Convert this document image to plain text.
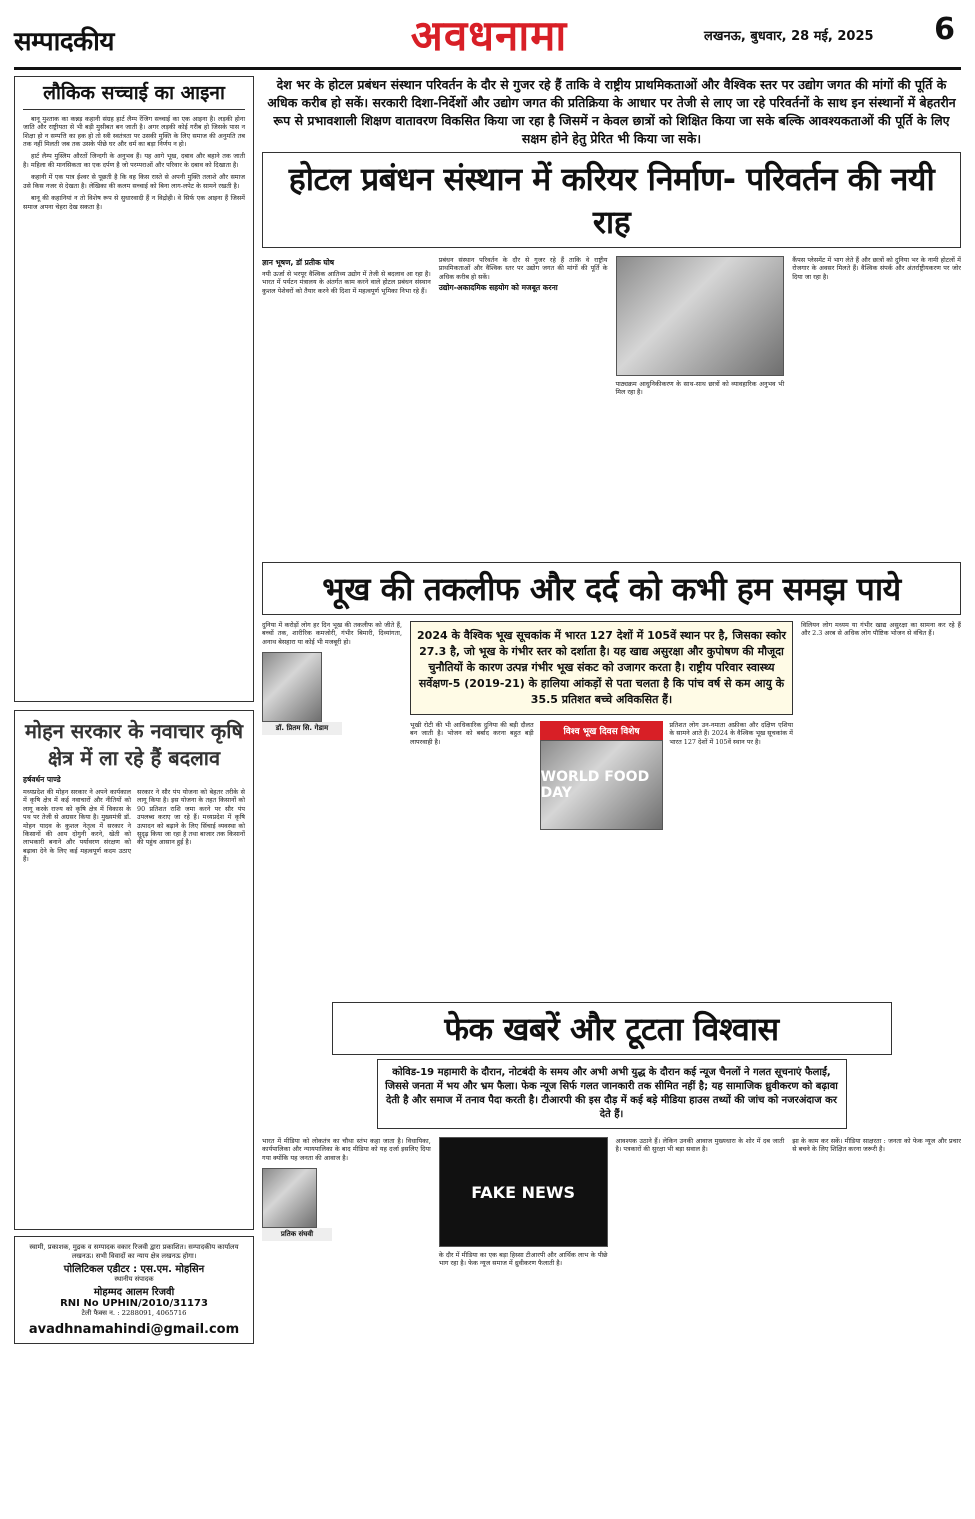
सम्पादकीय	अवधनामा	लखनऊ, बुधवार, 28 मई, 2025 6
लौकिक सच्चाई का आइना

बानू मुश्ताक का कन्नड़ कहानी संग्रह हार्ट लैम्प रेंजिग सच्चाई का एक आइना है। लड़की होना जाति और राष्ट्रीयता से भी बड़ी मुसीबत बन जाती है। अगर लड़की कोई गरीब हो जिसके पास न शिक्षा हो न सम्पत्ति का हक हो तो स्त्री स्वतंत्रता पर उसकी मुक्ति के लिए समाज की अनुमति तब तक नहीं मिलती जब तक उसके पीछे घर और धर्म का बड़ा निर्णय न हो।

हार्ट लैम्प मुस्लिम औरतों जिन्दगी के अनुभव हैं। यह आगे भूख, दबाव और बहाने तक जाती है। महिला की मानसिकता का एक दर्पण है जो परम्पराओं और परिवार के दबाव को दिखाता है।

कहानी में एक पात्र ईश्वर से पूछती है कि वह किस रास्ते से अपनी मुक्ति तलाशे और समाज उसे किस नजर से देखता है। लेखिका की कलम सच्चाई को बिना लाग-लपेट के सामने रखती है।

बानू की कहानियां न तो विशेष रूप से सुधारवादी हैं न विद्रोही। वे सिर्फ एक आइना हैं जिसमें समाज अपना चेहरा देख सकता है।

मोहन सरकार के नवाचार कृषि क्षेत्र में ला रहे हैं बदलाव
हर्षवर्धन पाण्डे
मध्यप्रदेश की मोहन सरकार ने अपने कार्यकाल में कृषि क्षेत्र में कई नवाचारों और नीतियों को लागू करके राज्य को कृषि क्षेत्र में विकास के पथ पर तेजी से अग्रसर किया है। मुख्यमंत्री डॉ. मोहन यादव के कुशल नेतृत्व में सरकार ने किसानों की आय दोगुनी करने, खेती को लाभकारी बनाने और पर्यावरण संरक्षण को बढ़ावा देने के लिए कई महत्वपूर्ण कदम उठाए हैं।
सरकार ने सौर पंप योजना को बेहतर तरीके से लागू किया है। इस योजना के तहत किसानों को 90 प्रतिशत राशि जमा करने पर सौर पंप उपलब्ध कराए जा रहे हैं। मध्यप्रदेश में कृषि उत्पादन को बढ़ाने के लिए सिंचाई व्यवस्था को सुदृढ़ किया जा रहा है तथा बाजार तक किसानों की पहुंच आसान हुई है।
स्वामी, प्रकाशक, मुद्रक व सम्पादक वकार रिजवी द्वारा प्रकाशित। सम्पादकीय कार्यालय लखनऊ। सभी विवादों का न्याय क्षेत्र लखनऊ होगा।
पोलिटिकल एडीटर : एस.एम. मोहसिन
स्थानीय संपादक
मोहम्मद आलम रिजवी
RNI No UPHIN/2010/31173
टेली फैक्स न. : 2288091, 4065716
avadhnamahindi@gmail.com
देश भर के होटल प्रबंधन संस्थान परिवर्तन के दौर से गुजर रहे हैं ताकि वे राष्ट्रीय प्राथमिकताओं और वैश्विक स्तर पर उद्योग जगत की मांगों की पूर्ति के अधिक करीब हो सकें। सरकारी दिशा-निर्देशों और उद्योग जगत की प्रतिक्रिया के आधार पर तेजी से लाए जा रहे परिवर्तनों के साथ इन संस्थानों में बेहतरीन रूप से प्रभावशाली शिक्षण वातावरण विकसित किया जा रहा है जिसमें न केवल छात्रों को शिक्षित किया जा सके बल्कि आवश्यकताओं की पूर्ति के लिए सक्षम होने हेतु प्रेरित भी किया जा सके।
होटल प्रबंधन संस्थान में करियर निर्माण- परिवर्तन की नयी राह
ज्ञान भूषण, डॉ प्रतीक घोष
नयी ऊर्जा से भरपूर वैश्विक आतिथ्य उद्योग में तेजी से बदलाव आ रहा है। भारत में पर्यटन मंत्रालय के अंतर्गत काम करने वाले होटल प्रबंधन संस्थान कुशल पेशेवरों को तैयार करने की दिशा में महत्वपूर्ण भूमिका निभा रहे हैं।
प्रबंधन संस्थान परिवर्तन के दौर से गुजर रहे हैं ताकि वे राष्ट्रीय प्राथमिकताओं और वैश्विक स्तर पर उद्योग जगत की मांगों की पूर्ति के अधिक करीब हो सकें।
उद्योग-अकादमिक सहयोग को मजबूत करना
पाठ्यक्रम आधुनिकीकरण के साथ-साथ छात्रों को व्यावहारिक अनुभव भी मिल रहा है।
कैंपस प्लेसमेंट में भाग लेते हैं और छात्रों को दुनिया भर के नामी होटलों में रोजगार के अवसर मिलते हैं। वैश्विक संपर्क और अंतर्राष्ट्रीयकरण पर जोर दिया जा रहा है।
भूख की तकलीफ और दर्द को कभी हम समझ पाये
दुनिया में करोड़ों लोग हर दिन भूख की तकलीफ को जीते हैं, बच्चों तक, शारीरिक कमजोरी, गंभीर बिमारी, दिव्यांगता, अनाथ बेसहारा या कोई भी मजबूरी हो।
डॉ. प्रितम सि. गेडाम
2024 के वैश्विक भूख सूचकांक में भारत 127 देशों में 105वें स्थान पर है, जिसका स्कोर 27.3 है, जो भूख के गंभीर स्तर को दर्शाता है। यह खाद्य असुरक्षा और कुपोषण की मौजूदा चुनौतियों के कारण उत्पन्न गंभीर भूख संकट को उजागर करता है। राष्ट्रीय परिवार स्वास्थ्य सर्वेक्षण-5 (2019-21) के हालिया आंकड़ों से पता चलता है कि पांच वर्ष से कम आयु के 35.5 प्रतिशत बच्चे अविकसित हैं।
भूखी रोटी की भी आधिकारिक दुनिया की बड़ी दौलत बन जाती है। भोजन को बर्बाद करना बहुत बड़ी लापरवाही है।
विश्व भूख दिवस विशेष
WORLD FOOD DAY
प्रतिशत लोग उन-नमाता अफ्रीका और दक्षिण एशिया के सामने आते हैं। 2024 के वैश्विक भूख सूचकांक में भारत 127 देशों में 105वें स्थान पर है।
विलियन लोग मध्यम या गंभीर खाद्य असुरक्षा का सामना कर रहे हैं और 2.3 अरब से अधिक लोग पौष्टिक भोजन से वंचित हैं।
फेक खबरें और टूटता विश्वास
कोविड-19 महामारी के दौरान, नोटबंदी के समय और अभी अभी युद्ध के दौरान कई न्यूज चैनलों ने गलत सूचनाएं फैलाईं, जिससे जनता में भय और भ्रम फैला। फेक न्यूज सिर्फ गलत जानकारी तक सीमित नहीं है; यह सामाजिक ध्रुवीकरण को बढ़ावा देती है और समाज में तनाव पैदा करती है। टीआरपी की इस दौड़ में कई बड़े मीडिया हाउस तथ्यों की जांच को नजरअंदाज कर देते हैं।
भारत में मीडिया को लोकतंत्र का चौथा स्तंभ कहा जाता है। विधायिका, कार्यपालिका और न्यायपालिका के बाद मीडिया को यह दर्जा इसलिए दिया गया क्योंकि यह जनता की आवाज है।
प्रतिक संघवी
FAKE NEWS
के दौर में मीडिया का एक बड़ा हिस्सा टीआरपी और आर्थिक लाभ के पीछे भाग रहा है। फेक न्यूज समाज में ध्रुवीकरण फैलाती है।
आवश्यक उठाने हैं। लेकिन उनकी आवाज मुख्यधारा के शोर में दब जाती है। पत्रकारों की सुरक्षा भी बड़ा सवाल है।
झा के काम कर सकें। मीडिया साक्षरता : जनता को फेक न्यूज और प्रचार से बचने के लिए शिक्षित करना जरूरी है।
